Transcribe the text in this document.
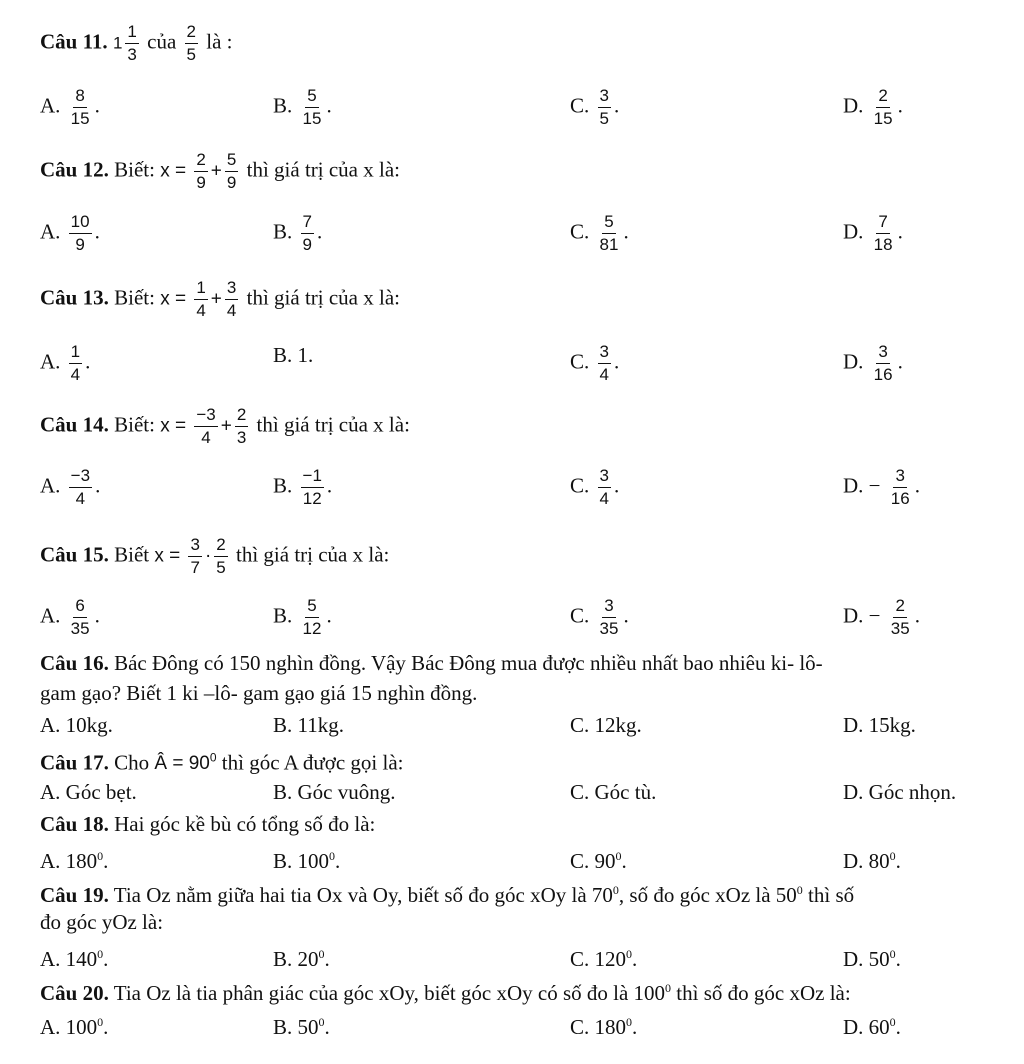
Câu 11. $1 \frac{1}{3}$ của $\frac{2}{5}$ là :
A. $\frac{8}{15}$ .	B. $\frac{5}{15}$ .	C. $\frac{3}{5}$ .	D. $\frac{2}{15}$ .
Câu 12. Biết: $x = \frac{2}{9} + \frac{5}{9}$ thì giá trị của x là:
A. $\frac{10}{9}$ .	B. $\frac{7}{9}$ .	C. $\frac{5}{81}$ .	D. $\frac{7}{18}$ .
Câu 13. Biết: $x = \frac{1}{4} + \frac{3}{4}$ thì giá trị của x là:
A. $\frac{1}{4}$ .	B. 1.	C. $\frac{3}{4}$ .	D. $\frac{3}{16}$ .
Câu 14. Biết: $x = \frac{-3}{4} + \frac{2}{3}$ thì giá trị của x là:
A. $\frac{-3}{4}$ .	B. $\frac{-1}{12}$ .	C. $\frac{3}{4}$ .	D. − $\frac{3}{16}$ .
Câu 15. Biết $x = \frac{3}{7} \cdot \frac{2}{5}$ thì giá trị của x là:
A. $\frac{6}{35}$ .	B. $\frac{5}{12}$ .	C. $\frac{3}{35}$ .	D. − $\frac{2}{35}$ .
Câu 16. Bác Đông có 150 nghìn đồng. Vậy Bác Đông mua được nhiều nhất bao nhiêu ki- lô-
gam gạo? Biết 1 ki –lô- gam gạo giá 15 nghìn đồng.
A. 10kg.	B. 11kg.	C. 12kg.	D. 15kg.
Câu 17. Cho Â = $90^0$ thì góc A được gọi là:
A. Góc bẹt.	B. Góc vuông.	C. Góc tù.	D. Góc nhọn.
Câu 18. Hai góc kề bù có tổng số đo là:
A. $180^0$.	B. $100^0$.	C. $90^0$.	D. $80^0$.
Câu 19. Tia Oz nằm giữa hai tia Ox và Oy, biết số đo góc xOy là $70^0$, số đo góc xOz là $50^0$ thì số
đo góc yOz là:
A. $140^0$.	B. $20^0$.	C. $120^0$.	D. $50^0$.
Câu 20. Tia Oz là tia phân giác của góc xOy, biết góc xOy có số đo là $100^0$ thì số đo góc xOz là:
A. $100^0$.	B. $50^0$.	C. $180^0$.	D. $60^0$.
